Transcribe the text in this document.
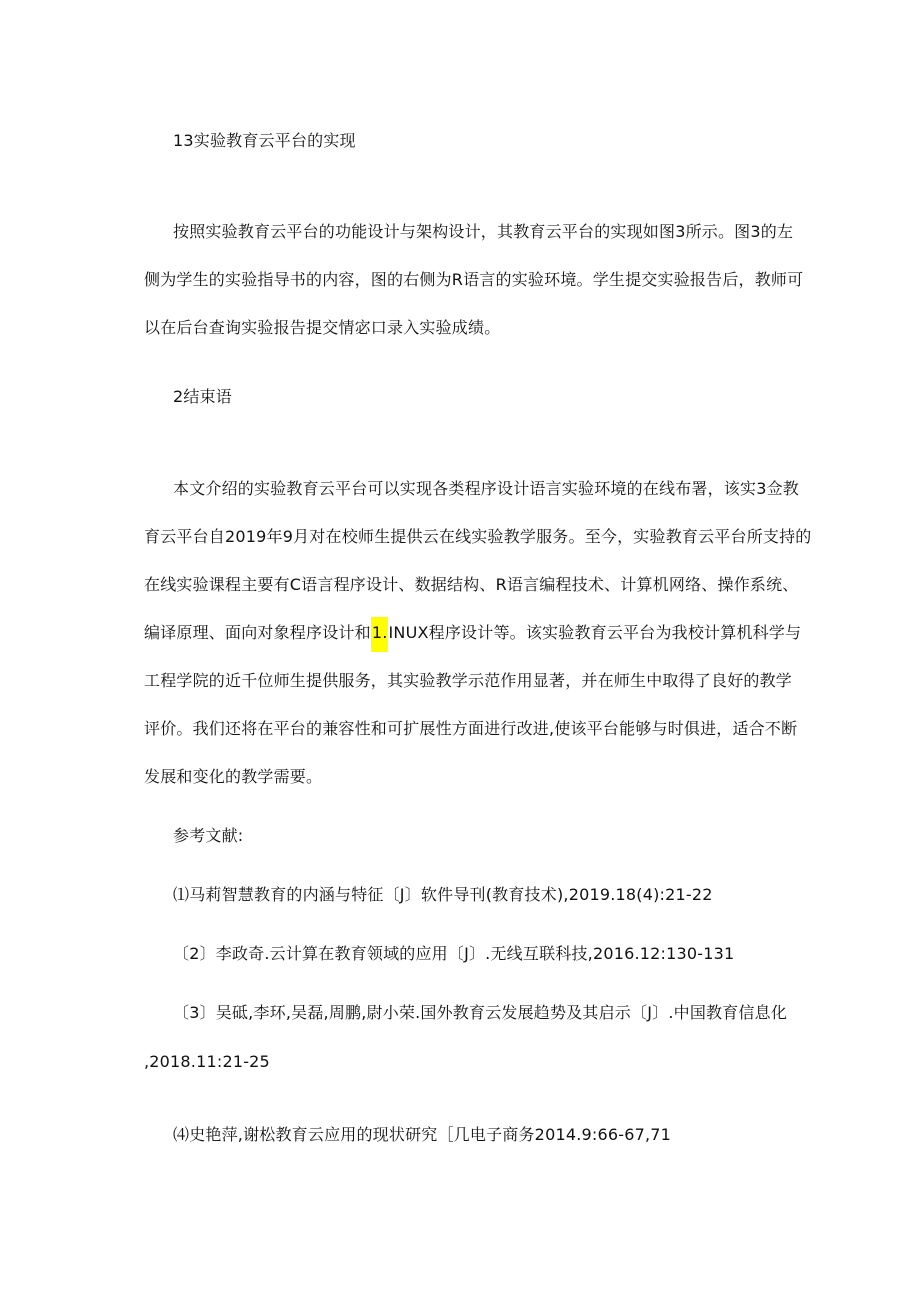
13实验教育云平台的实现
按照实验教育云平台的功能设计与架构设计，其教育云平台的实现如图3所示。图3的左
侧为学生的实验指导书的内容，图的右侧为R语言的实验环境。学生提交实验报告后，教师可
以在后台查询实验报告提交情宓口录入实验成绩。
2结束语
本文介绍的实验教育云平台可以实现各类程序设计语言实验环境的在线布署，该实3佥教
育云平台自2019年9月对在校师生提供云在线实验教学服务。至今，实验教育云平台所支持的
在线实验课程主要有C语言程序设计、数据结构、R语言编程技术、计算机网络、操作系统、
编译原理、面向对象程序设计和1.INUX程序设计等。该实验教育云平台为我校计算机科学与
工程学院的近千位师生提供服务，其实验教学示范作用显著，并在师生中取得了良好的教学
评价。我们还将在平台的兼容性和可扩展性方面进行改进,使该平台能够与时俱进，适合不断
发展和变化的教学需要。
参考文献:
⑴马莉智慧教育的内涵与特征〔J〕软件导刊(教育技术),2019.18(4):21-22
〔2〕李政奇.云计算在教育领域的应用〔J〕.无线互联科技,2016.12:130-131
〔3〕吴砥,李环,吴磊,周鹏,尉小荣.国外教育云发展趋势及其启示〔J〕.中国教育信息化
,2018.11:21-25
⑷史艳萍,谢松教育云应用的现状研究［几电子商务2014.9:66-67,71
